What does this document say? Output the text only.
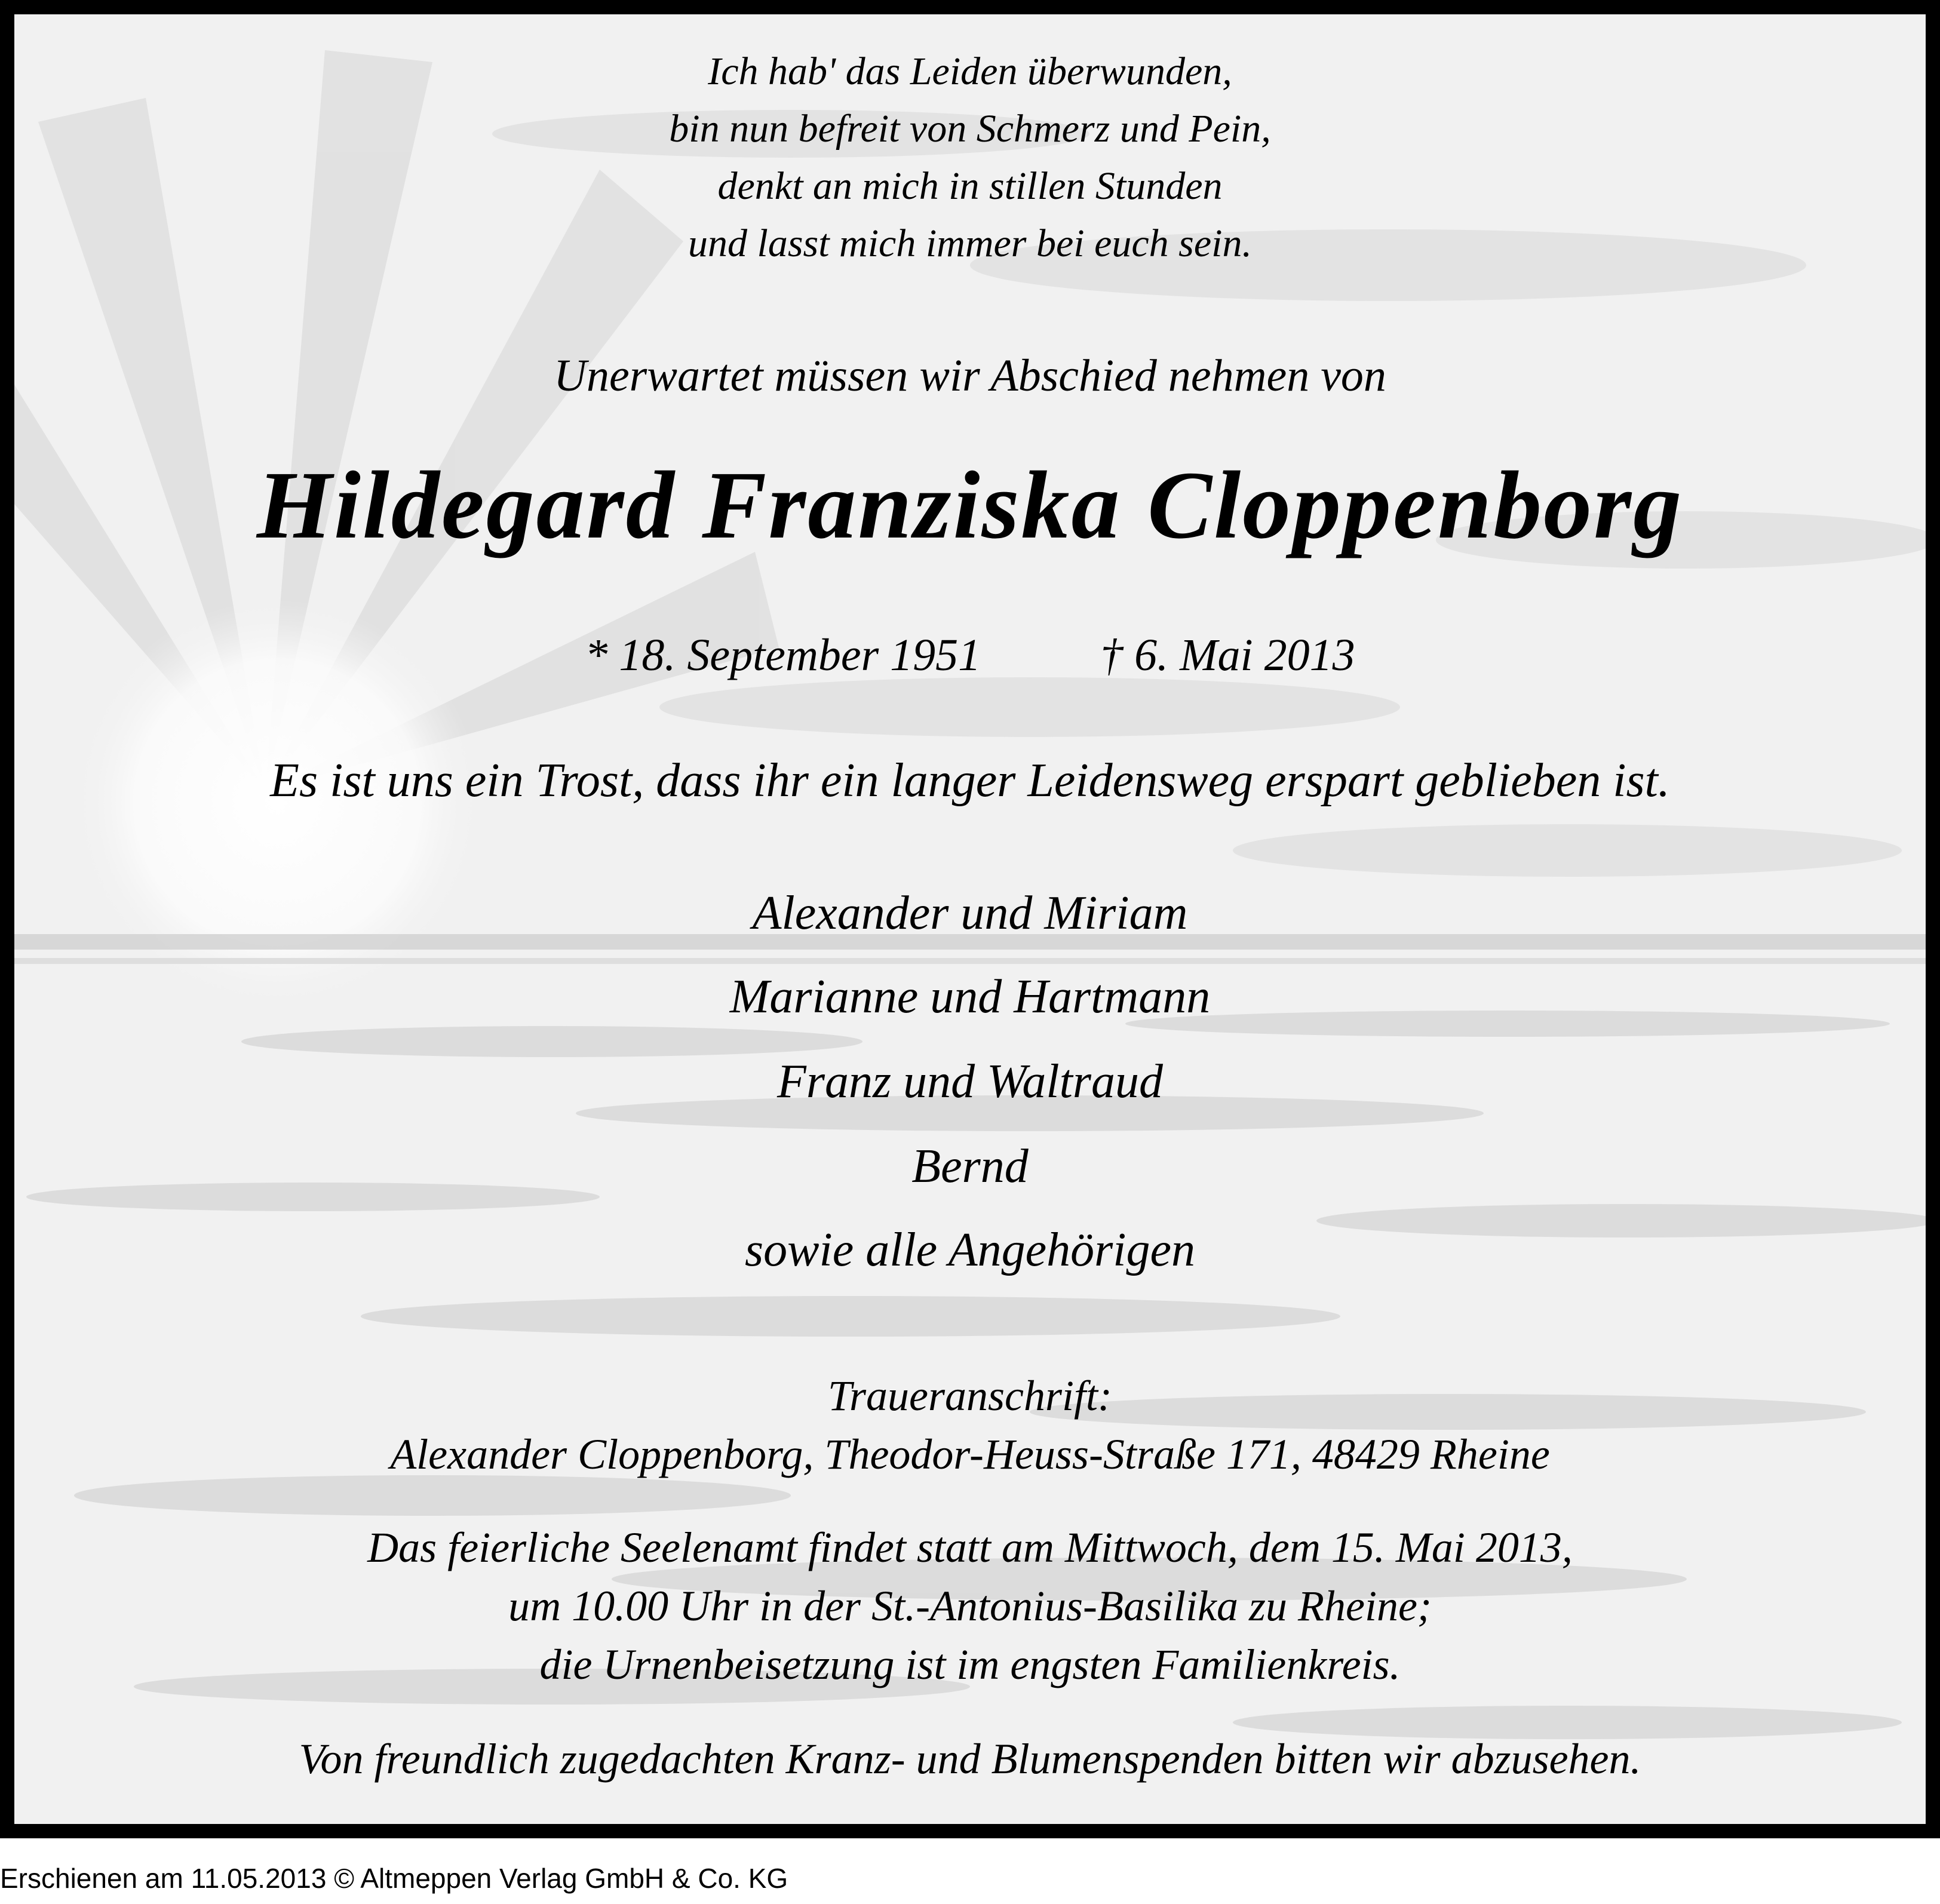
Ich hab' das Leiden überwunden,
bin nun befreit von Schmerz und Pein,
denkt an mich in stillen Stunden
und lasst mich immer bei euch sein.
Unerwartet müssen wir Abschied nehmen von
Hildegard Franziska Cloppenborg
* 18. September 1951	† 6. Mai 2013
Es ist uns ein Trost, dass ihr ein langer Leidensweg erspart geblieben ist.
Alexander und Miriam
Marianne und Hartmann
Franz und Waltraud
Bernd
sowie alle Angehörigen
Traueranschrift:
Alexander Cloppenborg, Theodor-Heuss-Straße 171, 48429 Rheine
Das feierliche Seelenamt findet statt am Mittwoch, dem 15. Mai 2013,
um 10.00 Uhr in der St.-Antonius-Basilika zu Rheine;
die Urnenbeisetzung ist im engsten Familienkreis.
Von freundlich zugedachten Kranz- und Blumenspenden bitten wir abzusehen.
Erschienen am 11.05.2013 © Altmeppen Verlag GmbH & Co. KG
